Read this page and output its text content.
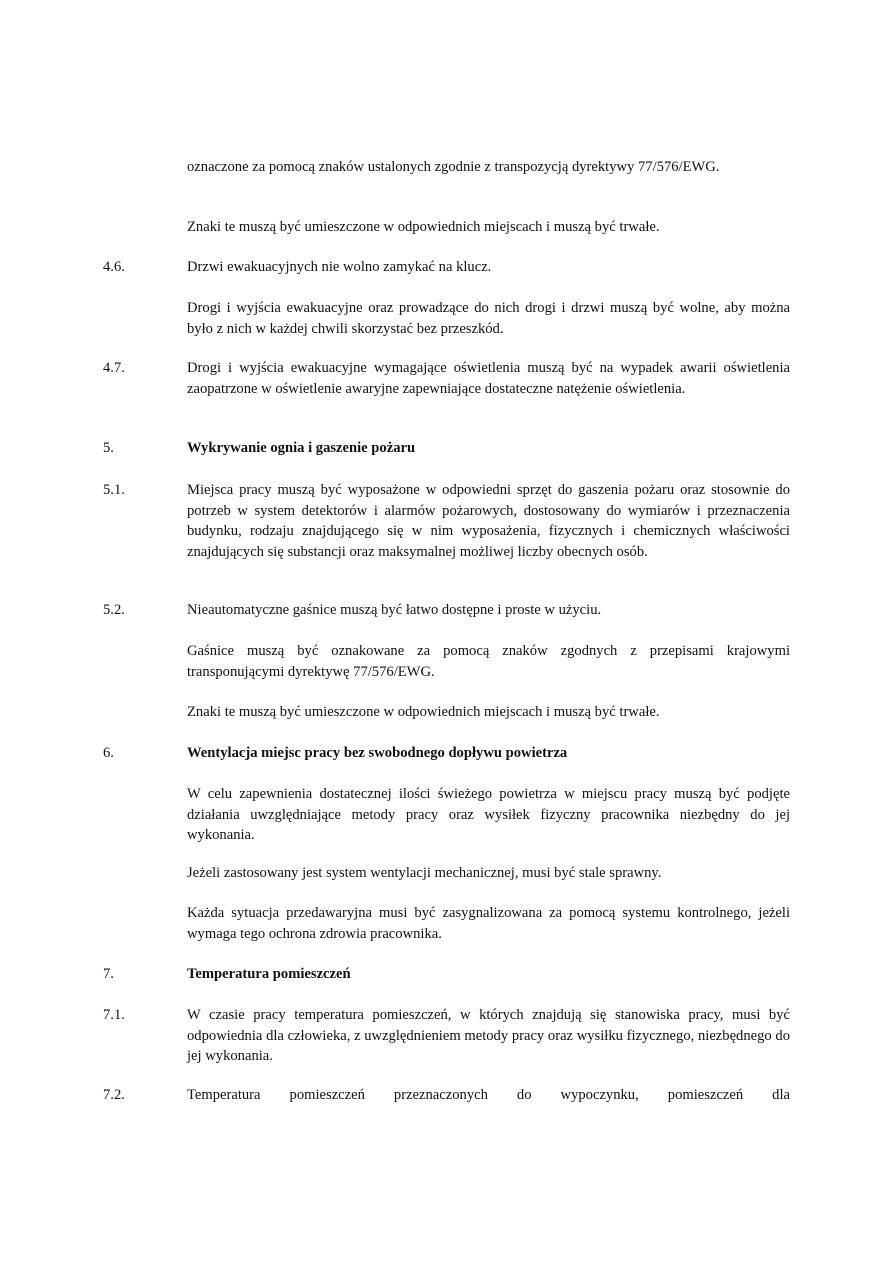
oznaczone za pomocą znaków ustalonych zgodnie z transpozycją dyrektywy 77/576/EWG.
Znaki te muszą być umieszczone w odpowiednich miejscach i muszą być trwałe.
4.6.	Drzwi ewakuacyjnych nie wolno zamykać na klucz.
Drogi i wyjścia ewakuacyjne oraz prowadzące do nich drogi i drzwi muszą być wolne, aby można było z nich w każdej chwili skorzystać bez przeszkód.
4.7.	Drogi i wyjścia ewakuacyjne wymagające oświetlenia muszą być na wypadek awarii oświetlenia zaopatrzone w oświetlenie awaryjne zapewniające dostateczne natężenie oświetlenia.
5.	Wykrywanie ognia i gaszenie pożaru
5.1.	Miejsca pracy muszą być wyposażone w odpowiedni sprzęt do gaszenia pożaru oraz stosownie do potrzeb w system detektorów i alarmów pożarowych, dostosowany do wymiarów i przeznaczenia budynku, rodzaju znajdującego się w nim wyposażenia, fizycznych i chemicznych właściwości znajdujących się substancji oraz maksymalnej możliwej liczby obecnych osób.
5.2.	Nieautomatyczne gaśnice muszą być łatwo dostępne i proste w użyciu.
Gaśnice muszą być oznakowane za pomocą znaków zgodnych z przepisami krajowymi transponującymi dyrektywę 77/576/EWG.
Znaki te muszą być umieszczone w odpowiednich miejscach i muszą być trwałe.
6.	Wentylacja miejsc pracy bez swobodnego dopływu powietrza
W celu zapewnienia dostatecznej ilości świeżego powietrza w miejscu pracy muszą być podjęte działania uwzględniające metody pracy oraz wysiłek fizyczny pracownika niezbędny do jej wykonania.
Jeżeli zastosowany jest system wentylacji mechanicznej, musi być stale sprawny.
Każda sytuacja przedawaryjna musi być zasygnalizowana za pomocą systemu kontrolnego, jeżeli wymaga tego ochrona zdrowia pracownika.
7.	Temperatura pomieszczeń
7.1.	W czasie pracy temperatura pomieszczeń, w których znajdują się stanowiska pracy, musi być odpowiednia dla człowieka, z uwzględnieniem metody pracy oraz wysiłku fizycznego, niezbędnego do jej wykonania.
7.2.	Temperatura pomieszczeń przeznaczonych do wypoczynku, pomieszczeń dla
